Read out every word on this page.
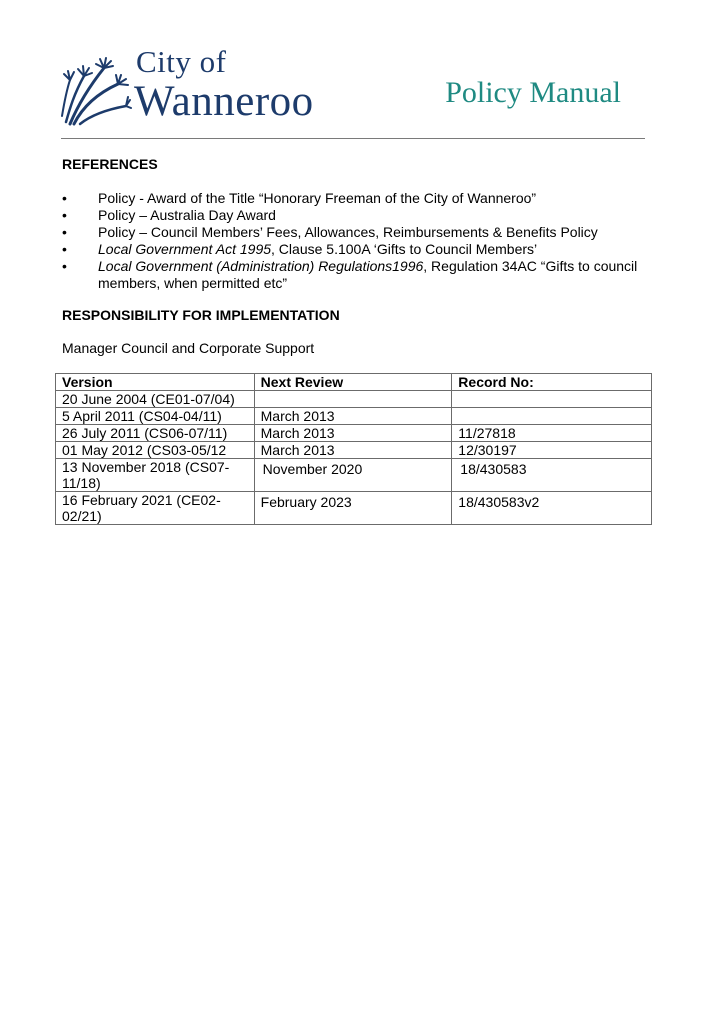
City of
Wanneroo	Policy Manual
REFERENCES
• Policy - Award of the Title “Honorary Freeman of the City of Wanneroo”
• Policy – Australia Day Award
• Policy – Council Members’ Fees, Allowances, Reimbursements & Benefits Policy
• Local Government Act 1995, Clause 5.100A ‘Gifts to Council Members’
• Local Government (Administration) Regulations1996, Regulation 34AC “Gifts to council members, when permitted etc”
RESPONSIBILITY FOR IMPLEMENTATION
Manager Council and Corporate Support
Version	Next Review	Record No:
20 June 2004 (CE01-07/04)		
5 April 2011 (CS04-04/11)	March 2013	
26 July 2011 (CS06-07/11)	March 2013	11/27818
01 May 2012 (CS03-05/12	March 2013	12/30197
13 November 2018 (CS07-11/18)	November 2020	18/430583
16 February 2021 (CE02-02/21)	February 2023	18/430583v2
